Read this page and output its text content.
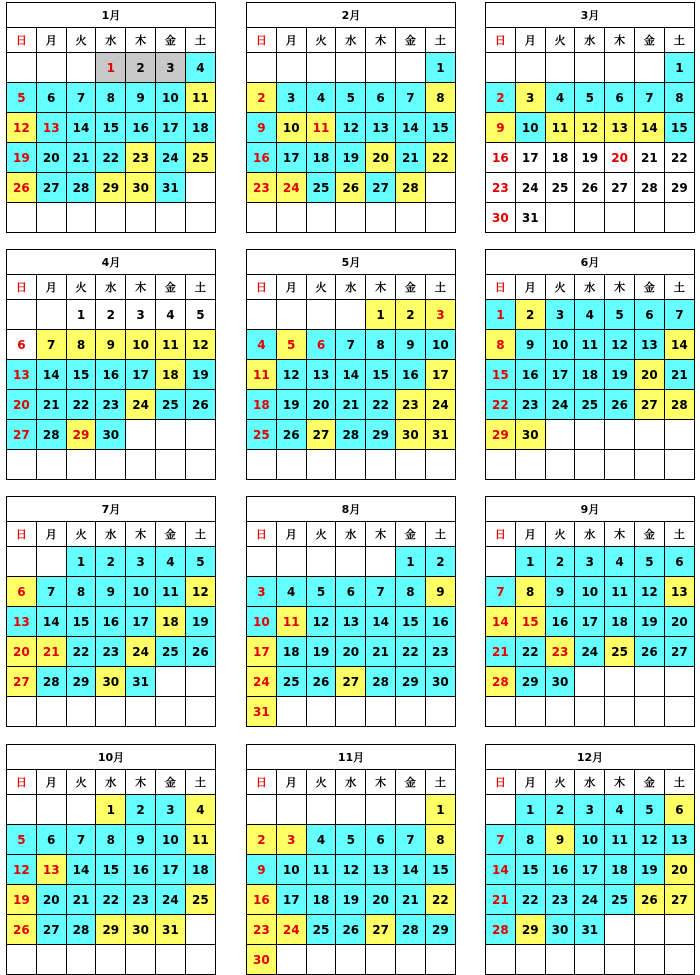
1月						
日	月	火	水	木	金	土
			1	2	3	4
5	6	7	8	9	10	11
12	13	14	15	16	17	18
19	20	21	22	23	24	25
26	27	28	29	30	31	

2月						
日	月	火	水	木	金	土
						1
2	3	4	5	6	7	8
9	10	11	12	13	14	15
16	17	18	19	20	21	22
23	24	25	26	27	28	

3月						
日	月	火	水	木	金	土
						1
2	3	4	5	6	7	8
9	10	11	12	13	14	15
16	17	18	19	20	21	22
23	24	25	26	27	28	29
30	31					
4月						
日	月	火	水	木	金	土
		1	2	3	4	5
6	7	8	9	10	11	12
13	14	15	16	17	18	19
20	21	22	23	24	25	26
27	28	29	30			

5月						
日	月	火	水	木	金	土
				1	2	3
4	5	6	7	8	9	10
11	12	13	14	15	16	17
18	19	20	21	22	23	24
25	26	27	28	29	30	31

6月						
日	月	火	水	木	金	土
1	2	3	4	5	6	7
8	9	10	11	12	13	14
15	16	17	18	19	20	21
22	23	24	25	26	27	28
29	30					

7月						
日	月	火	水	木	金	土
		1	2	3	4	5
6	7	8	9	10	11	12
13	14	15	16	17	18	19
20	21	22	23	24	25	26
27	28	29	30	31		

8月						
日	月	火	水	木	金	土
					1	2
3	4	5	6	7	8	9
10	11	12	13	14	15	16
17	18	19	20	21	22	23
24	25	26	27	28	29	30
31						
9月						
日	月	火	水	木	金	土
	1	2	3	4	5	6
7	8	9	10	11	12	13
14	15	16	17	18	19	20
21	22	23	24	25	26	27
28	29	30				

10月						
日	月	火	水	木	金	土
			1	2	3	4
5	6	7	8	9	10	11
12	13	14	15	16	17	18
19	20	21	22	23	24	25
26	27	28	29	30	31	

11月						
日	月	火	水	木	金	土
						1
2	3	4	5	6	7	8
9	10	11	12	13	14	15
16	17	18	19	20	21	22
23	24	25	26	27	28	29
30						
12月						
日	月	火	水	木	金	土
	1	2	3	4	5	6
7	8	9	10	11	12	13
14	15	16	17	18	19	20
21	22	23	24	25	26	27
28	29	30	31			
